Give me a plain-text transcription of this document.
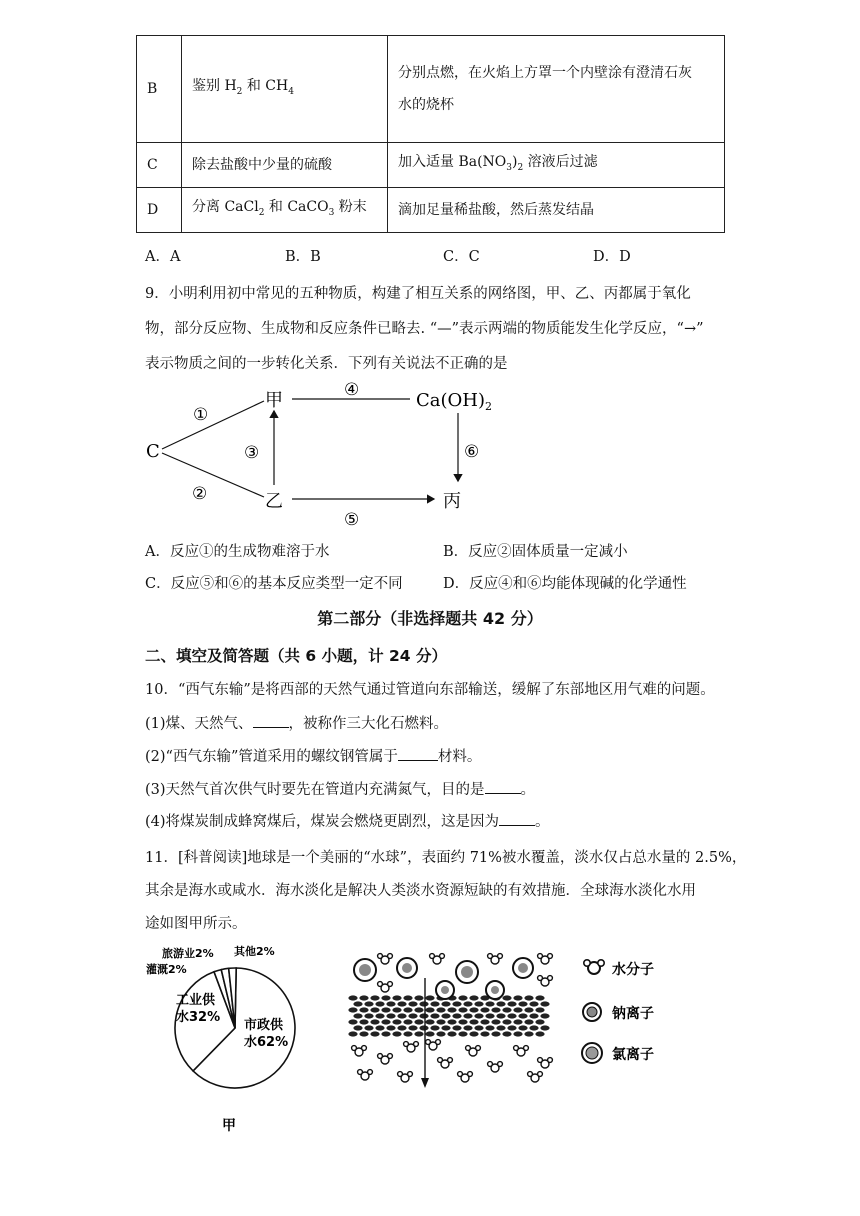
B	鉴别 $H_2$ 和 $CH_4$	分别点燃，在火焰上方罩一个内壁涂有澄清石灰
水的烧杯
C	除去盐酸中少量的硫酸	加入适量 $Ba(NO_3)_2$ 溶液后过滤
D	分离 CaCl$_2$ 和 CaCO$_3$ 粉末	滴加足量稀盐酸，然后蒸发结晶
A．A	B．B	C．C	D．D
9．小明利用初中常见的五种物质，构建了相互关系的网络图，甲、乙、丙都属于氧化
物，部分反应物、生成物和反应条件已略去. “—”表示两端的物质能发生化学反应，“→”
表示物质之间的一步转化关系．下列有关说法不正确的是
C
甲
乙	丙
$Ca(OH)_2$
①
②
③
④
⑤
⑥
A．反应①的生成物难溶于水	B．反应②固体质量一定减小
C．反应⑤和⑥的基本反应类型一定不同	D．反应④和⑥均能体现碱的化学通性
第二部分（非选择题共 42 分）
二、填空及简答题（共 6 小题，计 24 分）
10．“西气东输”是将西部的天然气通过管道向东部输送，缓解了东部地区用气难的问题。
(1)煤、天然气、 ，被称作三大化石燃料。
(2)“西气东输”管道采用的螺纹钢管属于	材料。
(3)天然气首次供气时要先在管道内充满氮气，目的是 。
(4)将煤炭制成蜂窝煤后，煤炭会燃烧更剧烈，这是因为 。
11．[科普阅读]地球是一个美丽的“水球”，表面约 71%被水覆盖，淡水仅占总水量的 2.5%，
其余是海水或咸水．海水淡化是解决人类淡水资源短缺的有效措施．全球海水淡化水用
途如图甲所示。
工业供
水32%
市政供
水62%
灌溉2%
旅游业2% 其他2%
甲
水分子
钠离子
氯离子
